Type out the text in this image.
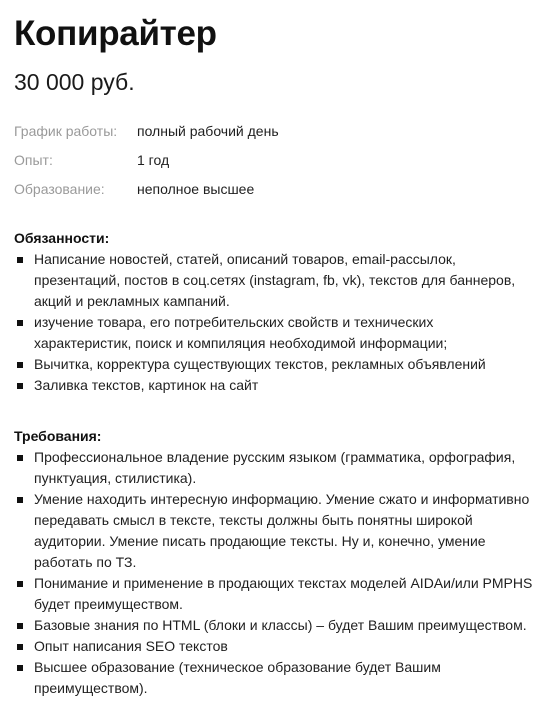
Копирайтер
30 000 руб.
График работы:	полный рабочий день
Опыт:	1 год
Образование:	неполное высшее
Обязанности:
Написание новостей, статей, описаний товаров, email-рассылок, презентаций, постов в соц.сетях (instagram, fb, vk), текстов для баннеров, акций и рекламных кампаний.
изучение товара, его потребительских свойств и технических характеристик, поиск и компиляция необходимой информации;
Вычитка, корректура существующих текстов, рекламных объявлений
Заливка текстов, картинок на сайт
Требования:
Профессиональное владение русским языком (грамматика, орфография, пунктуация, стилистика).
Умение находить интересную информацию. Умение сжато и информативно передавать смысл в тексте, тексты должны быть понятны широкой аудитории. Умение писать продающие тексты. Ну и, конечно, умение работать по ТЗ.
Понимание и применение в продающих текстах моделей AIDAи/или PMPHS будет преимуществом.
Базовые знания по HTML (блоки и классы) – будет Вашим преимуществом.
Опыт написания SEO текстов
Высшее образование (техническое образование будет Вашим преимуществом).
